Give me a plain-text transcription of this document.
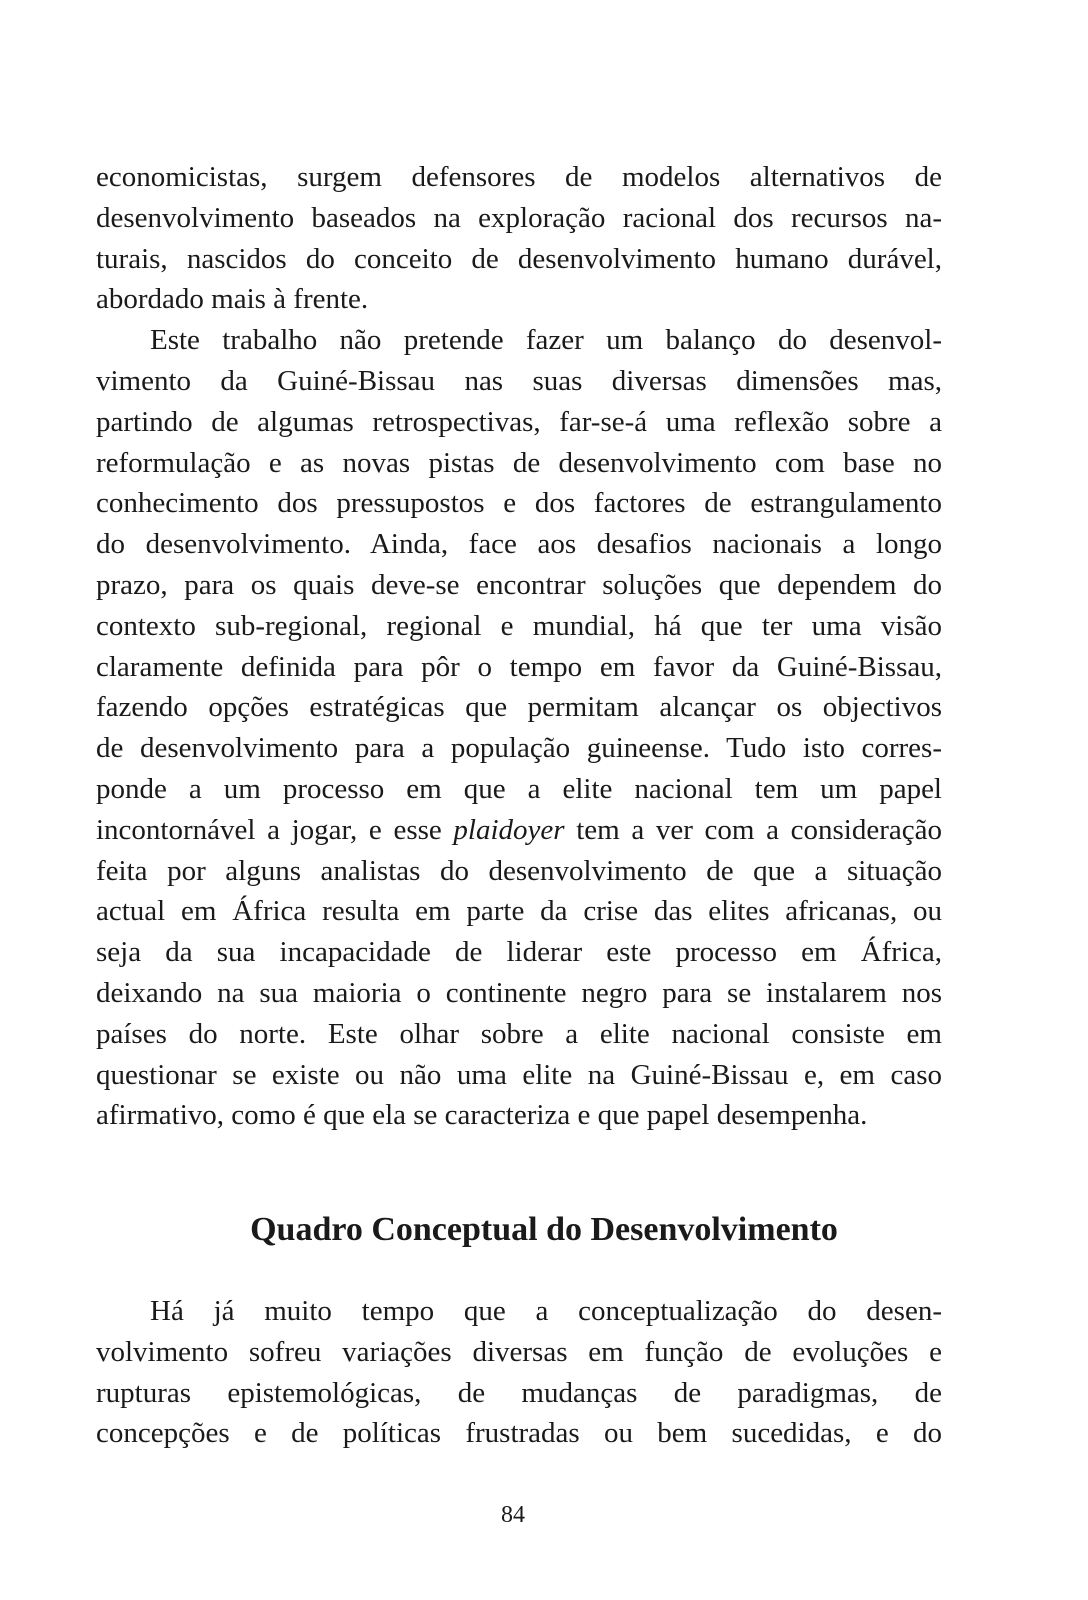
economicistas, surgem defensores de modelos alternativos de
desenvolvimento baseados na exploração racional dos recursos na-
turais, nascidos do conceito de desenvolvimento humano durável,
abordado mais à frente.
Este trabalho não pretende fazer um balanço do desenvol-
vimento da Guiné-Bissau nas suas diversas dimensões mas,
partindo de algumas retrospectivas, far-se-á uma reflexão sobre a
reformulação e as novas pistas de desenvolvimento com base no
conhecimento dos pressupostos e dos factores de estrangulamento
do desenvolvimento. Ainda, face aos desafios nacionais a longo
prazo, para os quais deve-se encontrar soluções que dependem do
contexto sub-regional, regional e mundial, há que ter uma visão
claramente definida para pôr o tempo em favor da Guiné-Bissau,
fazendo opções estratégicas que permitam alcançar os objectivos
de desenvolvimento para a população guineense. Tudo isto corres-
ponde a um processo em que a elite nacional tem um papel
incontornável a jogar, e esse plaidoyer tem a ver com a consideração
feita por alguns analistas do desenvolvimento de que a situação
actual em África resulta em parte da crise das elites africanas, ou
seja da sua incapacidade de liderar este processo em África,
deixando na sua maioria o continente negro para se instalarem nos
países do norte. Este olhar sobre a elite nacional consiste em
questionar se existe ou não uma elite na Guiné-Bissau e, em caso
afirmativo, como é que ela se caracteriza e que papel desempenha.
Quadro Conceptual do Desenvolvimento
Há já muito tempo que a conceptualização do desen-
volvimento sofreu variações diversas em função de evoluções e
rupturas epistemológicas, de mudanças de paradigmas, de
concepções e de políticas frustradas ou bem sucedidas, e do
84
